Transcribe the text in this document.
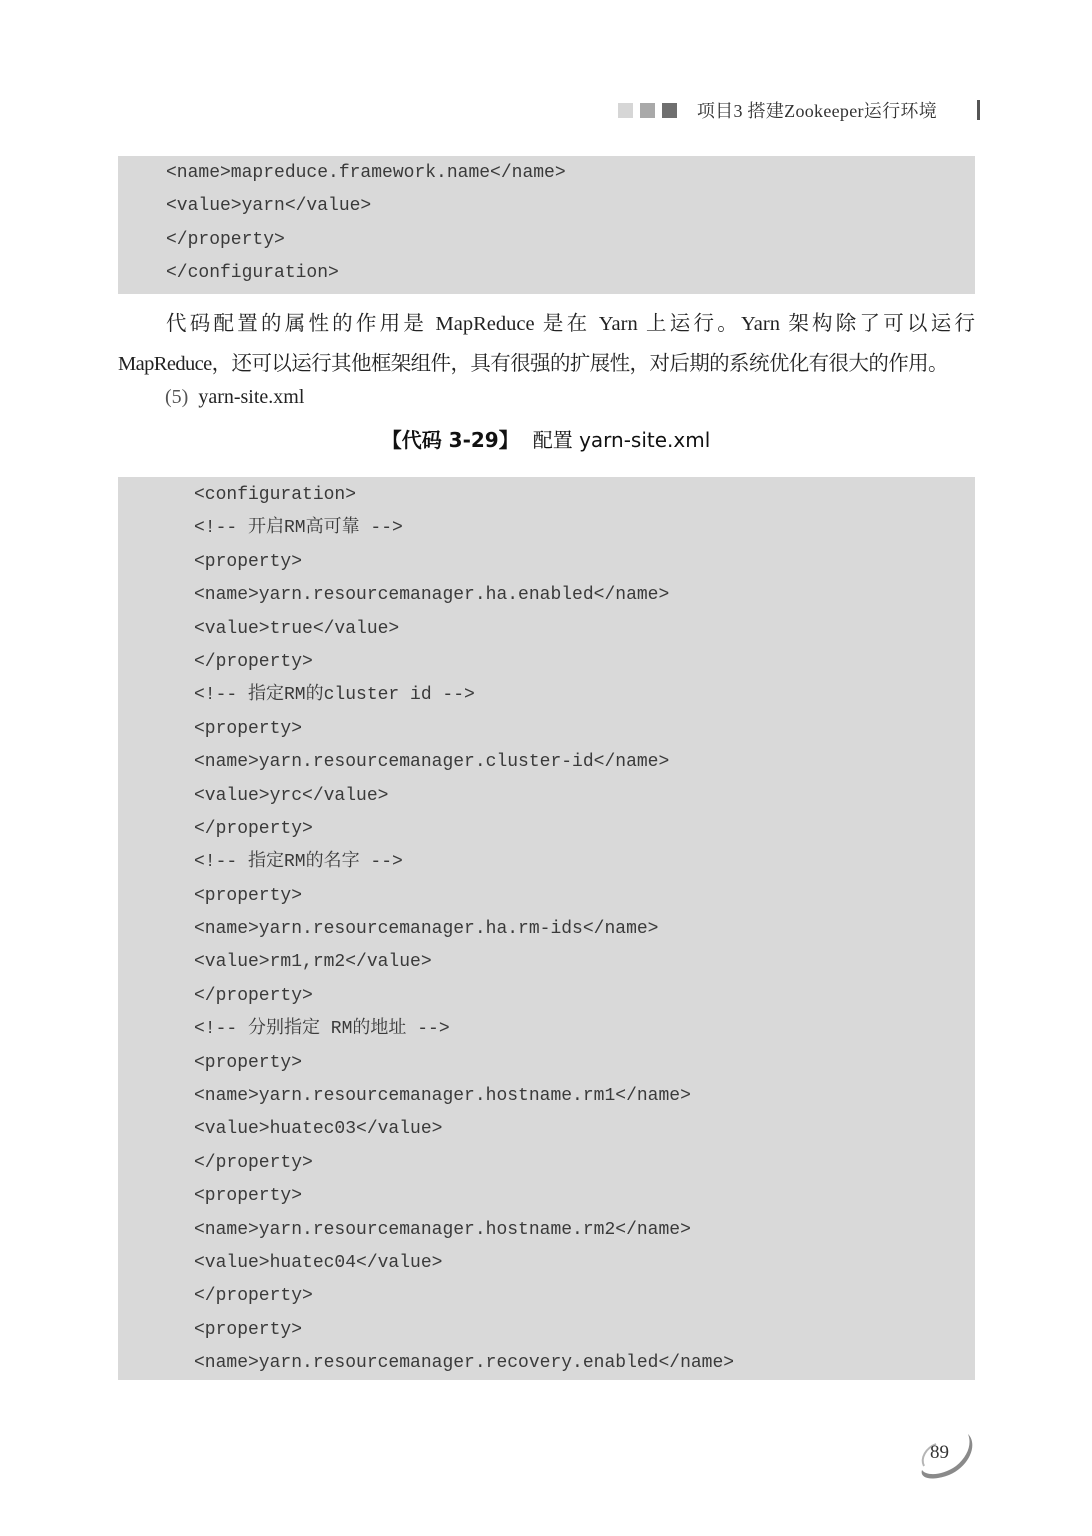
项目3 搭建Zookeeper运行环境
<name>mapreduce.framework.name</name>
<value>yarn</value>
</property>
</configuration>

代码配置的属性的作用是 MapReduce 是在 Yarn 上运行。Yarn 架构除了可以运行

MapReduce，还可以运行其他框架组件，具有很强的扩展性，对后期的系统优化有很大的作用。

(5) yarn-site.xml
【代码 3-29】 配置 yarn-site.xml
<configuration>
<!-- 开启RM高可靠 -->
<property>
<name>yarn.resourcemanager.ha.enabled</name>
<value>true</value>
</property>
<!-- 指定RM的cluster id -->
<property>
<name>yarn.resourcemanager.cluster-id</name>
<value>yrc</value>
</property>
<!-- 指定RM的名字 -->
<property>
<name>yarn.resourcemanager.ha.rm-ids</name>
<value>rm1,rm2</value>
</property>
<!-- 分别指定 RM的地址 -->
<property>
<name>yarn.resourcemanager.hostname.rm1</name>
<value>huatec03</value>
</property>
<property>
<name>yarn.resourcemanager.hostname.rm2</name>
<value>huatec04</value>
</property>
<property>
<name>yarn.resourcemanager.recovery.enabled</name>
89
